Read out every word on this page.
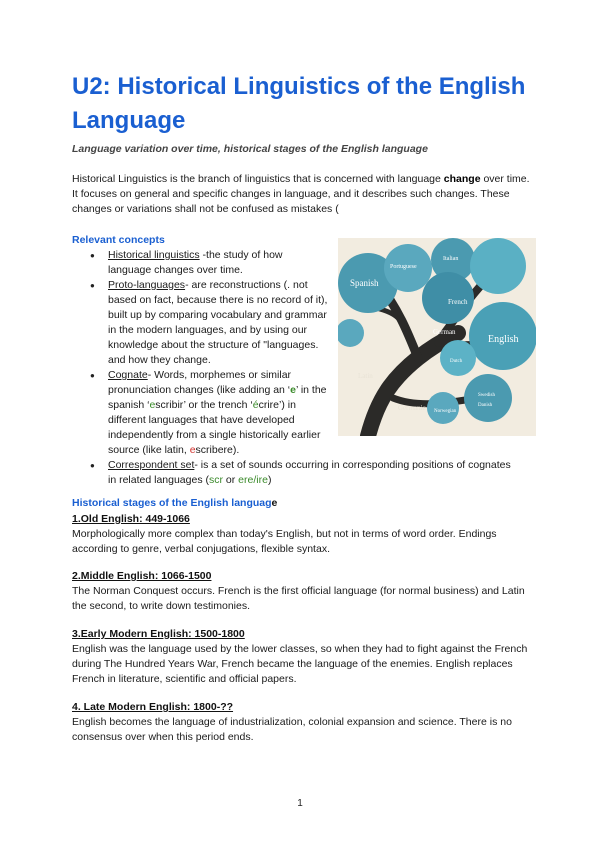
U2: Historical Linguistics of the English Language
Language variation over time, historical stages of the English language
Historical Linguistics is the branch of linguistics that is concerned with language change over time. It focuses on general and specific changes in language, and it describes such changes. These changes or variations shall not be confused as mistakes (
Relevant concepts
● Historical linguistics -the study of how language changes over time.
● Proto-languages- are reconstructions (. not based on fact, because there is no record of it), built up by comparing vocabulary and grammar in the modern languages, and by using our knowledge about the structure of "languages. and how they change.
● Cognate- Words, morphemes or similar pronunciation changes (like adding an ‘e’ in the spanish ‘escribir’ or the trench ‘écrire’) in different languages that have developed independently from a single historically earlier source (like latin, escribere).
● Correspondent set- is a set of sounds occurring in corresponding positions of cognates in related languages (scr or ere/ire)
Spanish
Portuguese
Italian
French
German
English
Latin
Germanic
Dutch
Swedish
Danish
Norwegian
Historical stages of the English language
1.Old English: 449-1066
Morphologically more complex than today's English, but not in terms of word order. Endings according to genre, verbal conjugations, flexible syntax.
2.Middle English: 1066-1500
The Norman Conquest occurs. French is the first official language (for normal business) and Latin the second, to write down testimonies.
3.Early Modern English: 1500-1800
English was the language used by the lower classes, so when they had to fight against the French during The Hundred Years War, French became the language of the enemies. English replaces French in literature, scientific and official papers.
4. Late Modern English: 1800-??
English becomes the language of industrialization, colonial expansion and science. There is no consensus over when this period ends.
1
